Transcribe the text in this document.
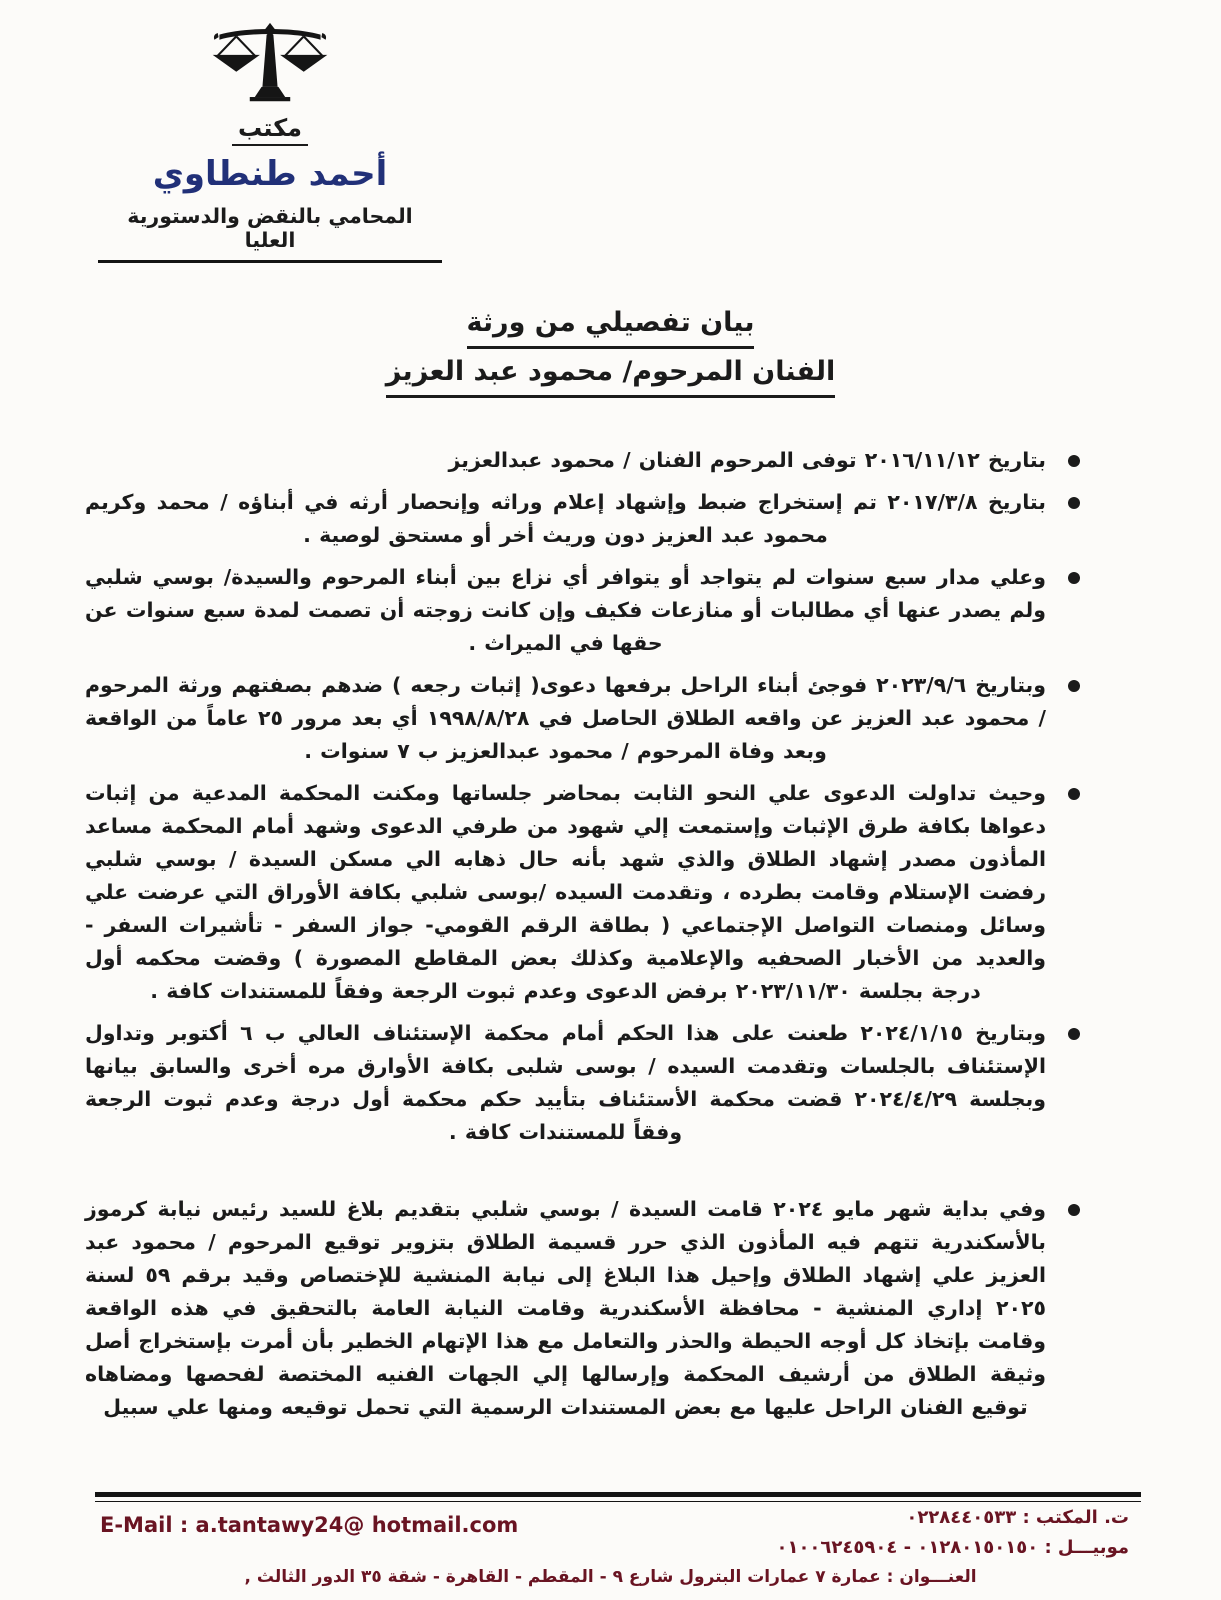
مكتب
أحمد طنطاوي
المحامي بالنقض والدستورية العليا
بيان تفصيلي من ورثة
الفنان المرحوم/ محمود عبد العزيز
بتاريخ ٢٠١٦/١١/١٢ توفى المرحوم الفنان / محمود عبدالعزيز
بتاريخ ٢٠١٧/٣/٨ تم إستخراج ضبط وإشهاد إعلام وراثه وإنحصار أرثه في أبناؤه / محمد وكريم محمود عبد العزيز دون وريث أخر أو مستحق لوصية .
وعلي مدار سبع سنوات لم يتواجد أو يتوافر أي نزاع بين أبناء المرحوم والسيدة/ بوسي شلبي ولم يصدر عنها أي مطالبات أو منازعات فكيف وإن كانت زوجته أن تصمت لمدة سبع سنوات عن حقها في الميراث .
وبتاريخ ٢٠٢٣/٩/٦ فوجئ أبناء الراحل برفعها دعوى( إثبات رجعه ) ضدهم بصفتهم ورثة المرحوم / محمود عبد العزيز عن واقعه الطلاق الحاصل في ١٩٩٨/٨/٢٨ أي بعد مرور ٢٥ عاماً من الواقعة وبعد وفاة المرحوم / محمود عبدالعزيز ب ٧ سنوات .
وحيث تداولت الدعوى علي النحو الثابت بمحاضر جلساتها ومكنت المحكمة المدعية من إثبات دعواها بكافة طرق الإثبات وإستمعت إلي شهود من طرفي الدعوى وشهد أمام المحكمة مساعد المأذون مصدر إشهاد الطلاق والذي شهد بأنه حال ذهابه الي مسكن السيدة / بوسي شلبي رفضت الإستلام وقامت بطرده ، وتقدمت السيده /بوسى شلبي بكافة الأوراق التي عرضت علي وسائل ومنصات التواصل الإجتماعي ( بطاقة الرقم القومي- جواز السفر - تأشيرات السفر - والعديد من الأخبار الصحفيه والإعلامية وكذلك بعض المقاطع المصورة ) وقضت محكمه أول درجة بجلسة ٢٠٢٣/١١/٣٠ برفض الدعوى وعدم ثبوت الرجعة وفقاً للمستندات كافة .
وبتاريخ ٢٠٢٤/١/١٥ طعنت على هذا الحكم أمام محكمة الإستئناف العالي ب ٦ أكتوبر وتداول الإستئناف بالجلسات وتقدمت السيده / بوسى شلبى بكافة الأوارق مره أخرى والسابق بيانها وبجلسة ٢٠٢٤/٤/٢٩ قضت محكمة الأستئناف بتأييد حكم محكمة أول درجة وعدم ثبوت الرجعة وفقاً للمستندات كافة .
وفي بداية شهر مايو ٢٠٢٤ قامت السيدة / بوسي شلبي بتقديم بلاغ للسيد رئيس نيابة كرموز بالأسكندرية تتهم فيه المأذون الذي حرر قسيمة الطلاق بتزوير توقيع المرحوم / محمود عبد العزيز علي إشهاد الطلاق وإحيل هذا البلاغ إلى نيابة المنشية للإختصاص وقيد برقم ٥٩ لسنة ٢٠٢٥ إداري المنشية - محافظة الأسكندرية وقامت النيابة العامة بالتحقيق في هذه الواقعة وقامت بإتخاذ كل أوجه الحيطة والحذر والتعامل مع هذا الإتهام الخطير بأن أمرت بإستخراج أصل وثيقة الطلاق من أرشيف المحكمة وإرسالها إلي الجهات الفنيه المختصة لفحصها ومضاهاه توقيع الفنان الراحل عليها مع بعض المستندات الرسمية التي تحمل توقيعه ومنها علي سبيل
E-Mail : a.tantawy24@ hotmail.com	ت. المكتب : ٠٢٢٨٤٤٠٥٣٣
موبيـــل : ٠١٢٨٠١٥٠١٥٠ - ٠١٠٠٦٢٤٥٩٠٤
العنـــوان : عمارة ٧ عمارات البترول شارع ٩ - المقطم - القاهرة - شقة ٣٥ الدور الثالث ,
